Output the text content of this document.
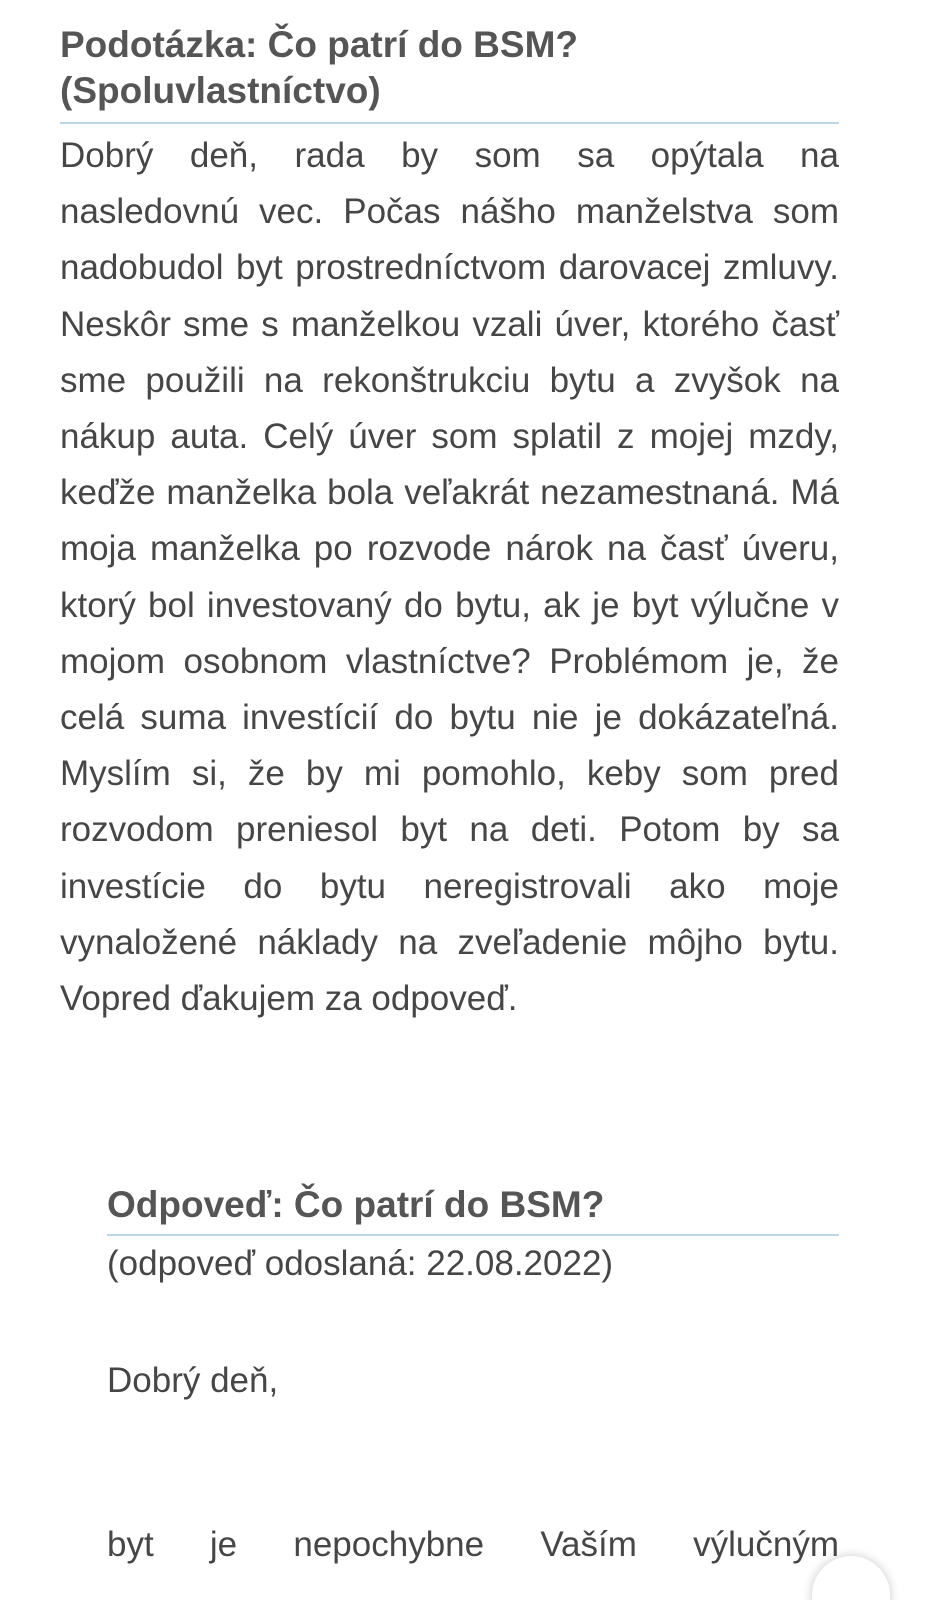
Podotázka: Čo patrí do BSM? (Spoluvlastníctvo)

Dobrý deň, rada by som sa opýtala na nasledovnú vec. Počas nášho manželstva som nadobudol byt prostredníctvom darovacej zmluvy. Neskôr sme s manželkou vzali úver, ktorého časť sme použili na rekonštrukciu bytu a zvyšok na nákup auta. Celý úver som splatil z mojej mzdy, keďže manželka bola veľakrát nezamestnaná. Má moja manželka po rozvode nárok na časť úveru, ktorý bol investovaný do bytu, ak je byt výlučne v mojom osobnom vlastníctve? Problémom je, že celá suma investícií do bytu nie je dokázateľná. Myslím si, že by mi pomohlo, keby som pred rozvodom preniesol byt na deti. Potom by sa investície do bytu neregistrovali ako moje vynaložené náklady na zveľadenie môjho bytu. Vopred ďakujem za odpoveď.

Odpoveď: Čo patrí do BSM?

(odpoveď odoslaná: 22.08.2022)

Dobrý deň,

byt je nepochybne Vaším výlučným
